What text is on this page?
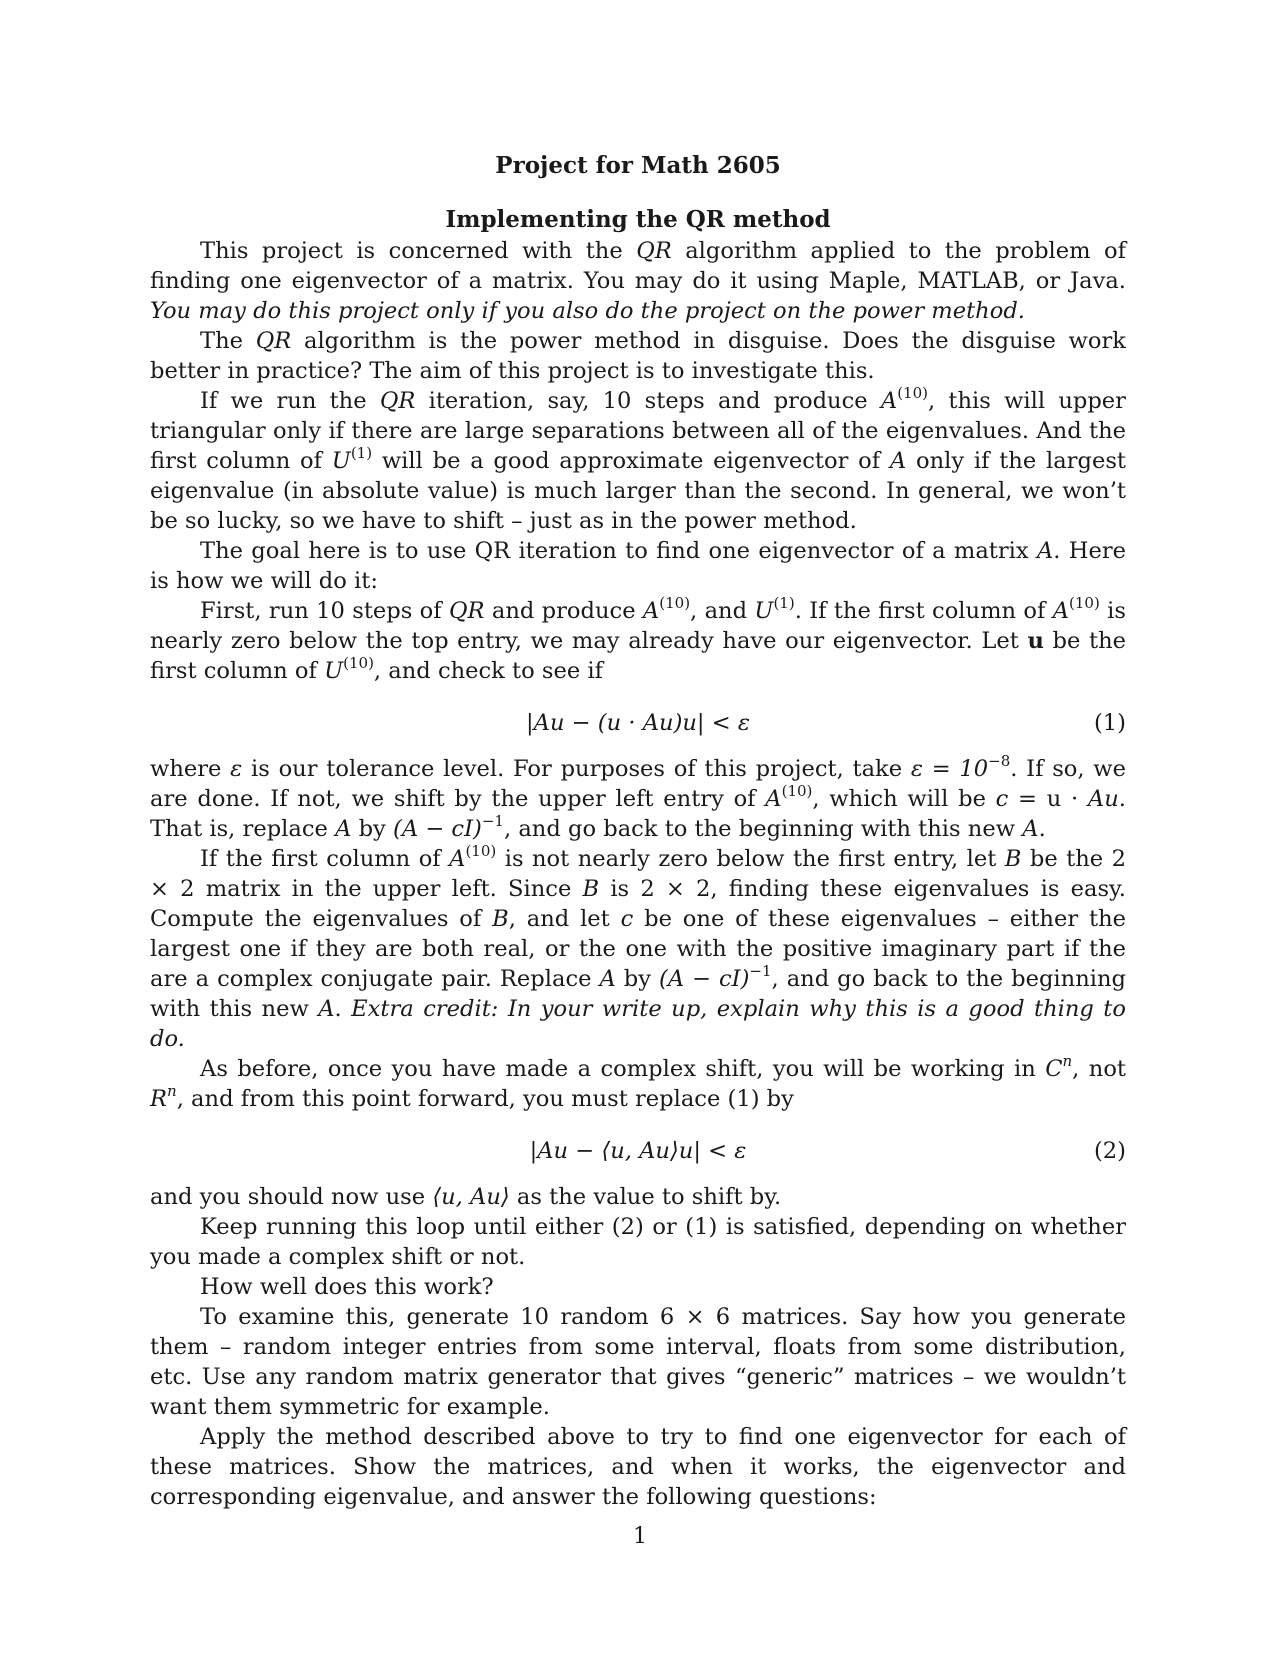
Project for Math 2605
Implementing the QR method

This project is concerned with the QR algorithm applied to the problem of finding one eigenvector of a matrix. You may do it using Maple, MATLAB, or Java. You may do this project only if you also do the project on the power method.

The QR algorithm is the power method in disguise. Does the disguise work better in practice? The aim of this project is to investigate this.

If we run the QR iteration, say, 10 steps and produce $A^{(10)}$, this will upper triangular only if there are large separations between all of the eigenvalues. And the first column of $U^{(1)}$ will be a good approximate eigenvector of A only if the largest eigenvalue (in absolute value) is much larger than the second. In general, we won’t be so lucky, so we have to shift – just as in the power method.

The goal here is to use QR iteration to find one eigenvector of a matrix A. Here is how we will do it:

First, run 10 steps of QR and produce $A^{(10)}$, and $U^{(1)}$. If the first column of $A^{(10)}$ is nearly zero below the top entry, we may already have our eigenvector. Let u be the first column of $U^{(10)}$, and check to see if

|Au − (u · Au)u| < ε	(1)

where ε is our tolerance level. For purposes of this project, take $\varepsilon = 10^{-8}$. If so, we are done. If not, we shift by the upper left entry of $A^{(10)}$, which will be c = u · Au. That is, replace A by (A − cI)$^{-1}$, and go back to the beginning with this new A.

If the first column of $A^{(10)}$ is not nearly zero below the first entry, let B be the 2 × 2 matrix in the upper left. Since B is 2 × 2, finding these eigenvalues is easy. Compute the eigenvalues of B, and let c be one of these eigenvalues – either the largest one if they are both real, or the one with the positive imaginary part if the are a complex conjugate pair. Replace A by (A − cI)$^{-1}$, and go back to the beginning with this new A. Extra credit: In your write up, explain why this is a good thing to do.

As before, once you have made a complex shift, you will be working in $C^n$, not $R^n$, and from this point forward, you must replace (1) by

|Au − ⟨u, Au⟩u| < ε	(2)

and you should now use ⟨u, Au⟩ as the value to shift by.

Keep running this loop until either (2) or (1) is satisfied, depending on whether you made a complex shift or not.

How well does this work?

To examine this, generate 10 random 6 × 6 matrices. Say how you generate them – random integer entries from some interval, floats from some distribution, etc. Use any random matrix generator that gives “generic” matrices – we wouldn’t want them symmetric for example.

Apply the method described above to try to find one eigenvector for each of these matrices. Show the matrices, and when it works, the eigenvector and corresponding eigenvalue, and answer the following questions:

1
